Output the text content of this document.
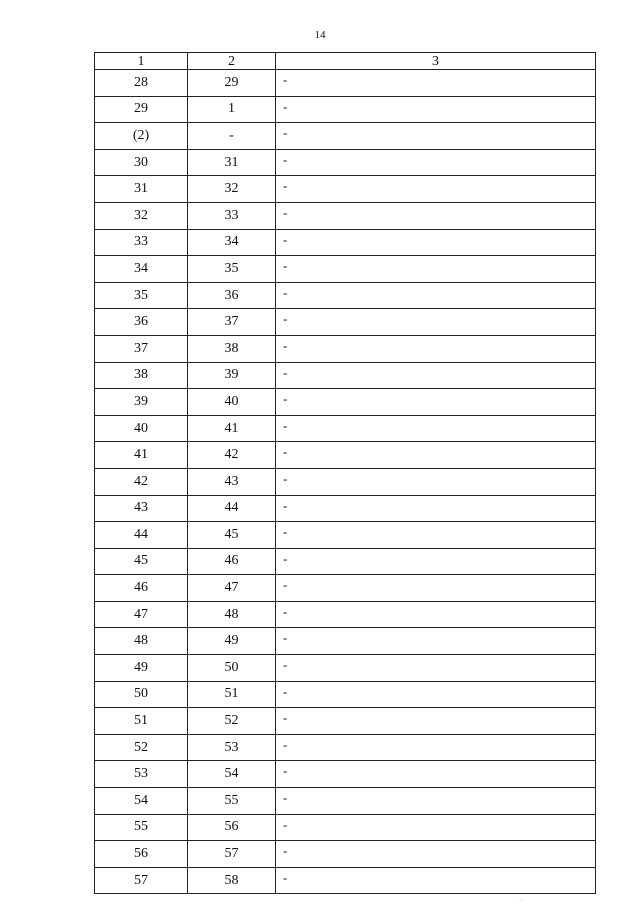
14
1	2	3
28	29	-
29	1	-
(2)	-	-
30	31	-
31	32	-
32	33	-
33	34	-
34	35	-
35	36	-
36	37	-
37	38	-
38	39	-
39	40	-
40	41	-
41	42	-
42	43	-
43	44	-
44	45	-
45	46	-
46	47	-
47	48	-
48	49	-
49	50	-
50	51	-
51	52	-
52	53	-
53	54	-
54	55	-
55	56	-
56	57	-
57	58	-
...
